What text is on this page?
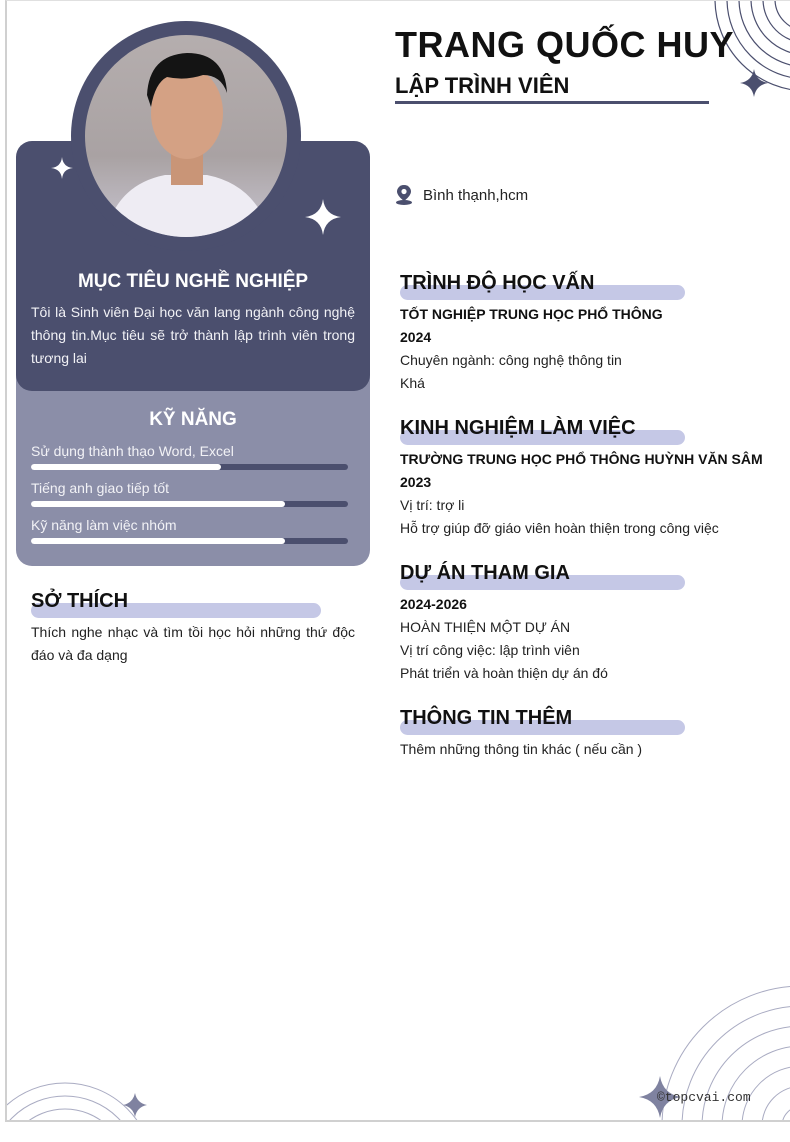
MỤC TIÊU NGHỀ NGHIỆP
Tôi là Sinh viên Đại học văn lang ngành công nghệ thông tin.Mục tiêu sẽ trở thành lập trình viên trong tương lai
KỸ NĂNG
Sử dụng thành thạo Word, Excel
Tiếng anh giao tiếp tốt
Kỹ năng làm việc nhóm
SỞ THÍCH
Thích nghe nhạc và tìm tồi học hỏi những thứ độc đáo và đa dạng
TRANG QUỐC HUY
LẬP TRÌNH VIÊN
Bình thạnh,hcm
TRÌNH ĐỘ HỌC VẤN
TỐT NGHIỆP TRUNG HỌC PHỔ THÔNG
2024
Chuyên ngành: công nghệ thông tin
Khá
KINH NGHIỆM LÀM VIỆC
TRƯỜNG TRUNG HỌC PHỔ THÔNG HUỲNH VĂN SÂM
2023
Vị trí: trợ li
Hỗ trợ giúp đỡ giáo viên hoàn thiện trong công việc
DỰ ÁN THAM GIA
2024-2026
HOÀN THIỆN MỘT DỰ ÁN
Vị trí công việc: lập trình viên
Phát triển và hoàn thiện dự án đó
THÔNG TIN THÊM
Thêm những thông tin khác ( nếu cần )
©topcvai.com
